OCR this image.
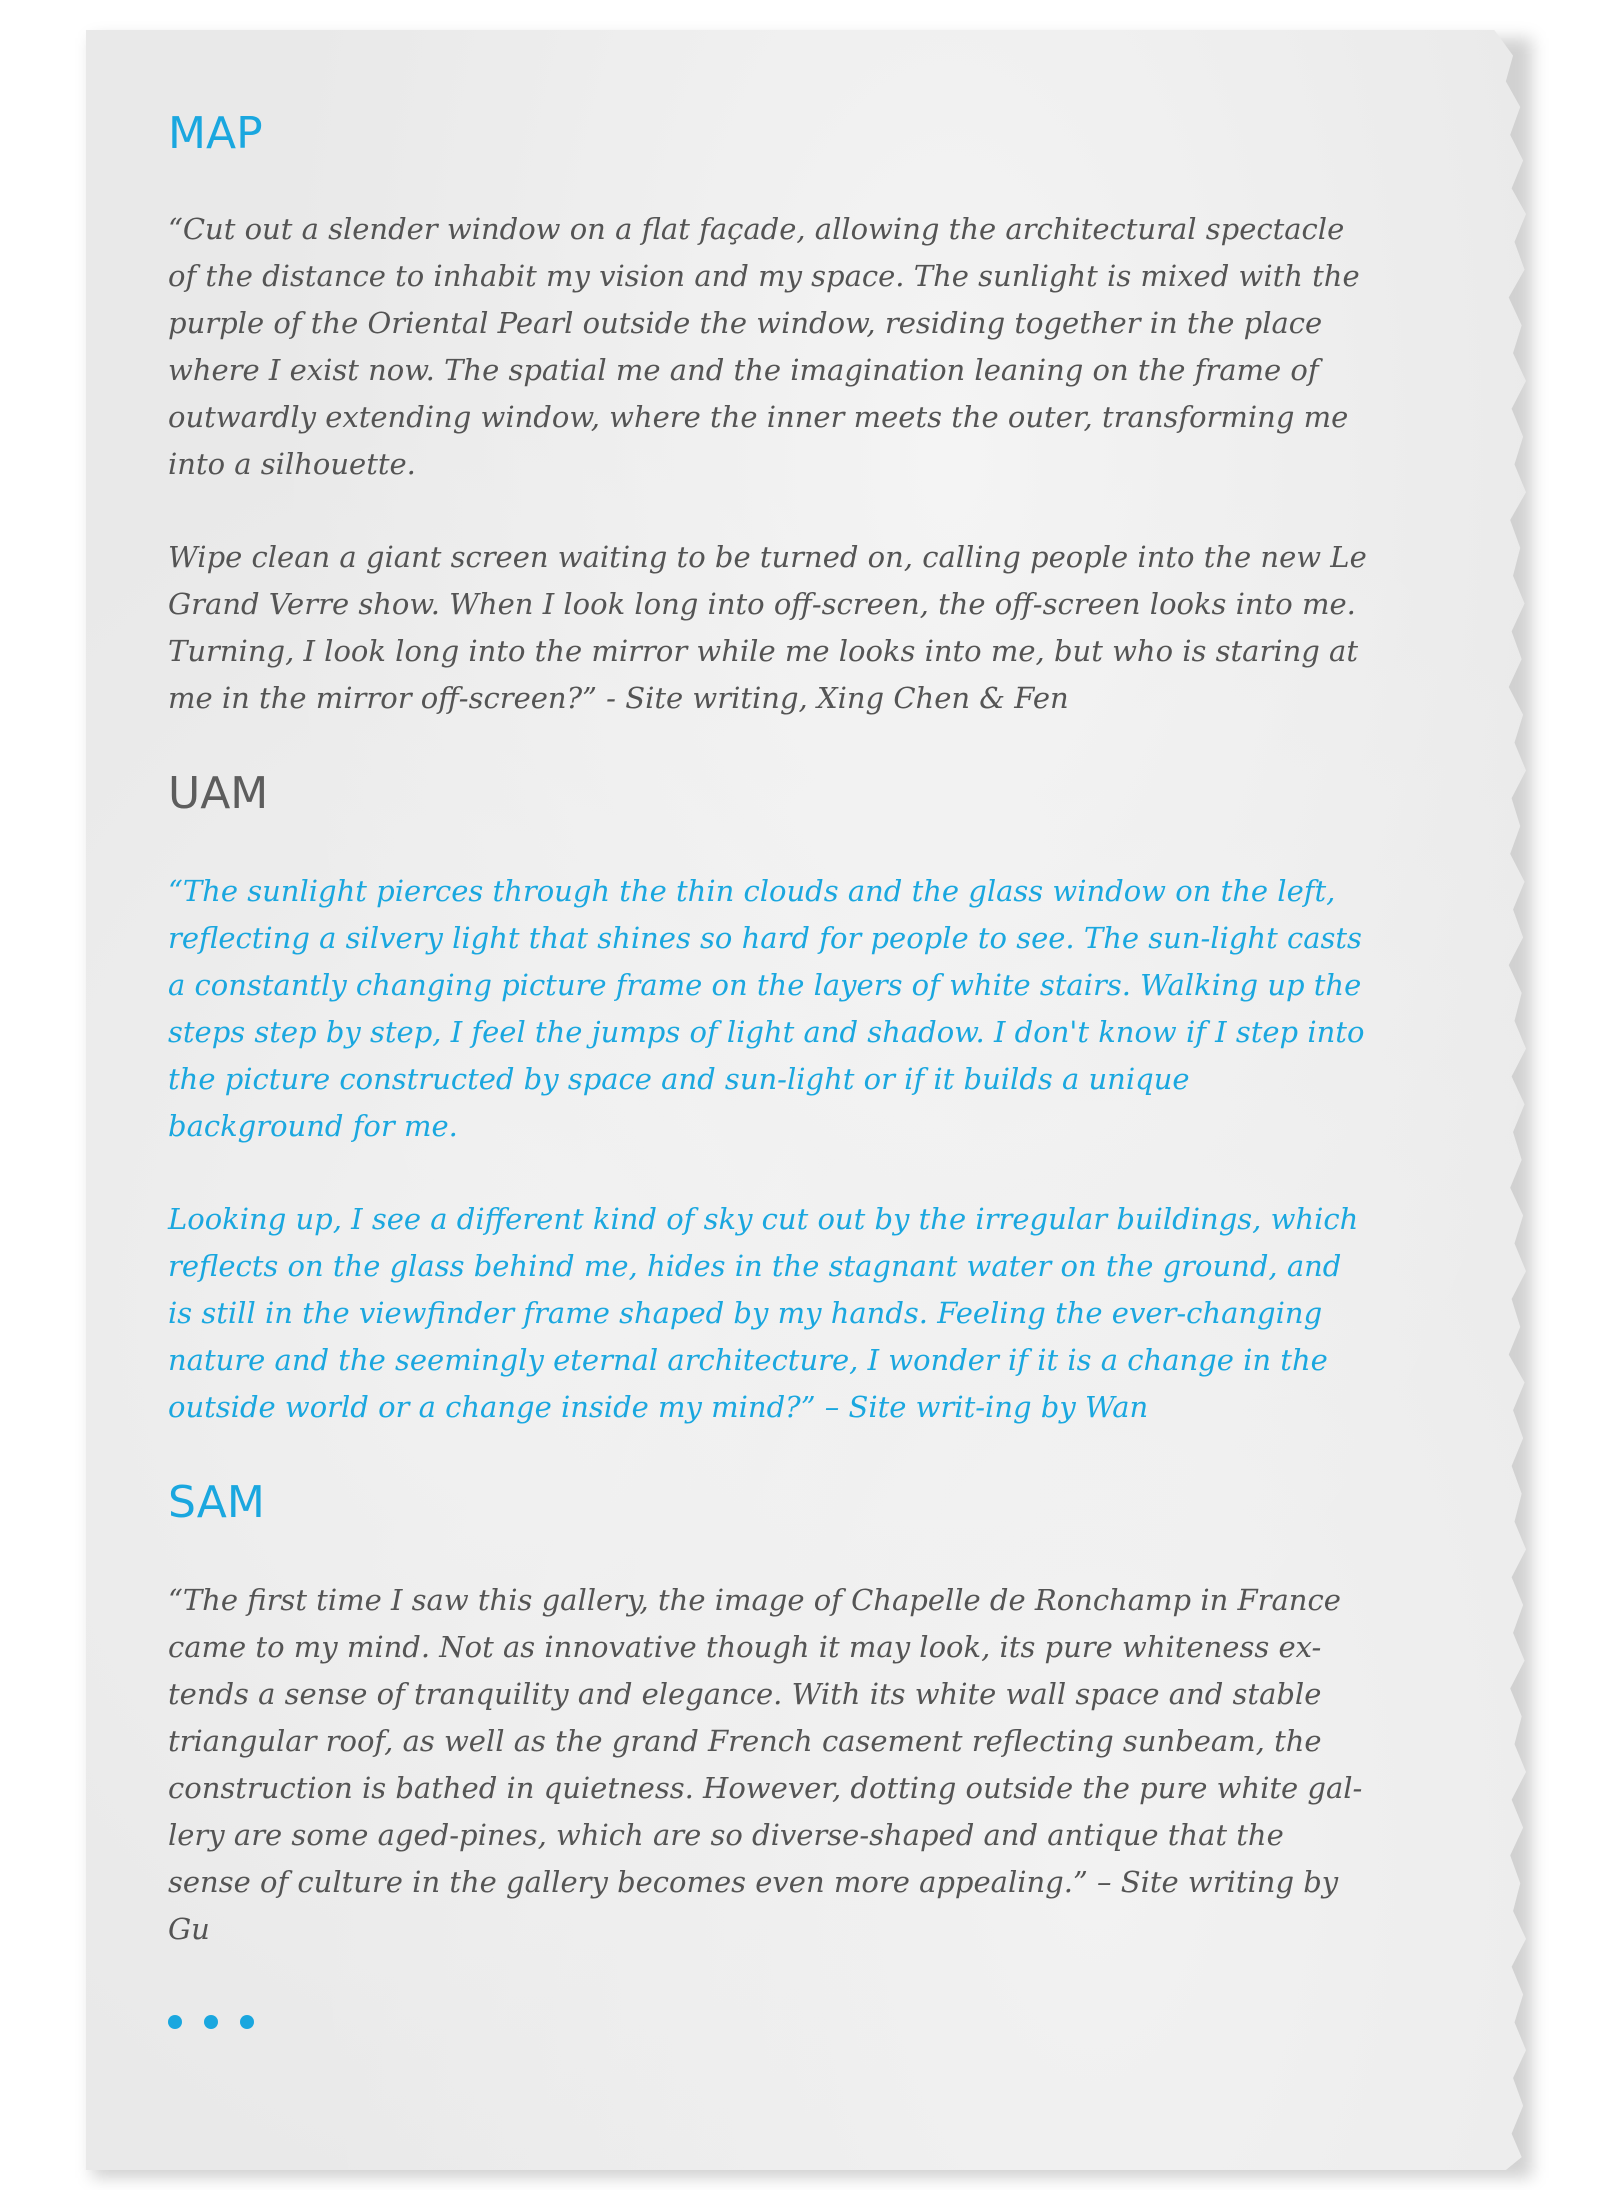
MAP

“Cut out a slender window on a flat façade, allowing the architectural spectacle of the distance to inhabit my vision and my space. The sunlight is mixed with the purple of the Oriental Pearl outside the window, residing together in the place where I exist now. The spatial me and the imagination leaning on the frame of outwardly extending window, where the inner meets the outer, transforming me into a silhouette.

Wipe clean a giant screen waiting to be turned on, calling people into the new Le Grand Verre show. When I look long into off-screen, the off-screen looks into me. Turning, I look long into the mirror while me looks into me, but who is staring at me in the mirror off-screen?” - Site writing, Xing Chen & Fen

UAM

“The sunlight pierces through the thin clouds and the glass window on the left, reflecting a silvery light that shines so hard for people to see. The sun-light casts a constantly changing picture frame on the layers of white stairs. Walking up the steps step by step, I feel the jumps of light and shadow. I don't know if I step into the picture constructed by space and sun-light or if it builds a unique background for me.

Looking up, I see a different kind of sky cut out by the irregular buildings, which reflects on the glass behind me, hides in the stagnant water on the ground, and is still in the viewfinder frame shaped by my hands. Feeling the ever-changing nature and the seemingly eternal architecture, I wonder if it is a change in the outside world or a change inside my mind?” – Site writ-ing by Wan

SAM

“The first time I saw this gallery, the image of Chapelle de Ronchamp in France came to my mind. Not as innovative though it may look, its pure whiteness ex-tends a sense of tranquility and elegance. With its white wall space and stable triangular roof, as well as the grand French casement reflecting sunbeam, the construction is bathed in quietness. However, dotting outside the pure white gal-lery are some aged-pines, which are so diverse-shaped and antique that the sense of culture in the gallery becomes even more appealing.” – Site writing by Gu
